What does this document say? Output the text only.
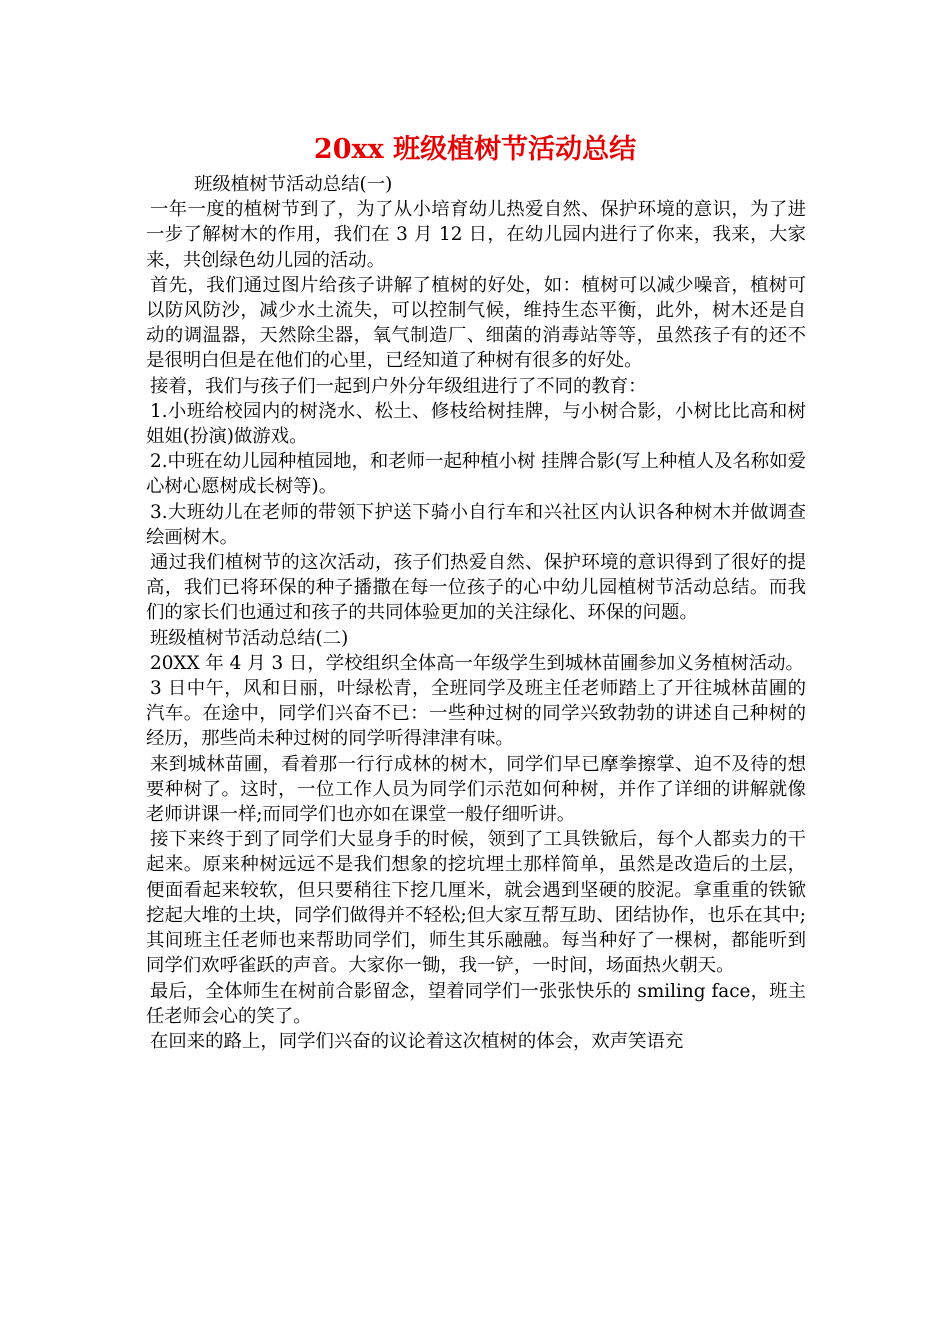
20xx 班级植树节活动总结

班级植树节活动总结(一)

一年一度的植树节到了，为了从小培育幼儿热爱自然、保护环境的意识，为了进一步了解树木的作用，我们在 3 月 12 日，在幼儿园内进行了你来，我来，大家来，共创绿色幼儿园的活动。

首先，我们通过图片给孩子讲解了植树的好处，如：植树可以减少噪音，植树可以防风防沙，减少水土流失，可以控制气候，维持生态平衡，此外，树木还是自动的调温器，天然除尘器，氧气制造厂、细菌的消毒站等等，虽然孩子有的还不是很明白但是在他们的心里，已经知道了种树有很多的好处。

接着，我们与孩子们一起到户外分年级组进行了不同的教育：

1.小班给校园内的树浇水、松土、修枝给树挂牌，与小树合影，小树比比高和树姐姐(扮演)做游戏。

2.中班在幼儿园种植园地，和老师一起种植小树 挂牌合影(写上种植人及名称如爱心树心愿树成长树等)。

3.大班幼儿在老师的带领下护送下骑小自行车和兴社区内认识各种树木并做调查绘画树木。

通过我们植树节的这次活动，孩子们热爱自然、保护环境的意识得到了很好的提高，我们已将环保的种子播撒在每一位孩子的心中幼儿园植树节活动总结。而我们的家长们也通过和孩子的共同体验更加的关注绿化、环保的问题。

班级植树节活动总结(二)

20XX 年 4 月 3 日，学校组织全体高一年级学生到城林苗圃参加义务植树活动。

3 日中午，风和日丽，叶绿松青，全班同学及班主任老师踏上了开往城林苗圃的汽车。在途中，同学们兴奋不已：一些种过树的同学兴致勃勃的讲述自己种树的经历，那些尚未种过树的同学听得津津有味。

来到城林苗圃，看着那一行行成林的树木，同学们早已摩拳擦掌、迫不及待的想要种树了。这时，一位工作人员为同学们示范如何种树，并作了详细的讲解就像老师讲课一样;而同学们也亦如在课堂一般仔细听讲。

接下来终于到了同学们大显身手的时候，领到了工具铁锨后，每个人都卖力的干起来。原来种树远远不是我们想象的挖坑埋土那样简单，虽然是改造后的土层，便面看起来较软，但只要稍往下挖几厘米，就会遇到坚硬的胶泥。拿重重的铁锨挖起大堆的土块，同学们做得并不轻松;但大家互帮互助、团结协作，也乐在其中;其间班主任老师也来帮助同学们，师生其乐融融。每当种好了一棵树，都能听到同学们欢呼雀跃的声音。大家你一锄，我一铲，一时间，场面热火朝天。

最后，全体师生在树前合影留念，望着同学们一张张快乐的 smiling face，班主任老师会心的笑了。

在回来的路上，同学们兴奋的议论着这次植树的体会，欢声笑语充
